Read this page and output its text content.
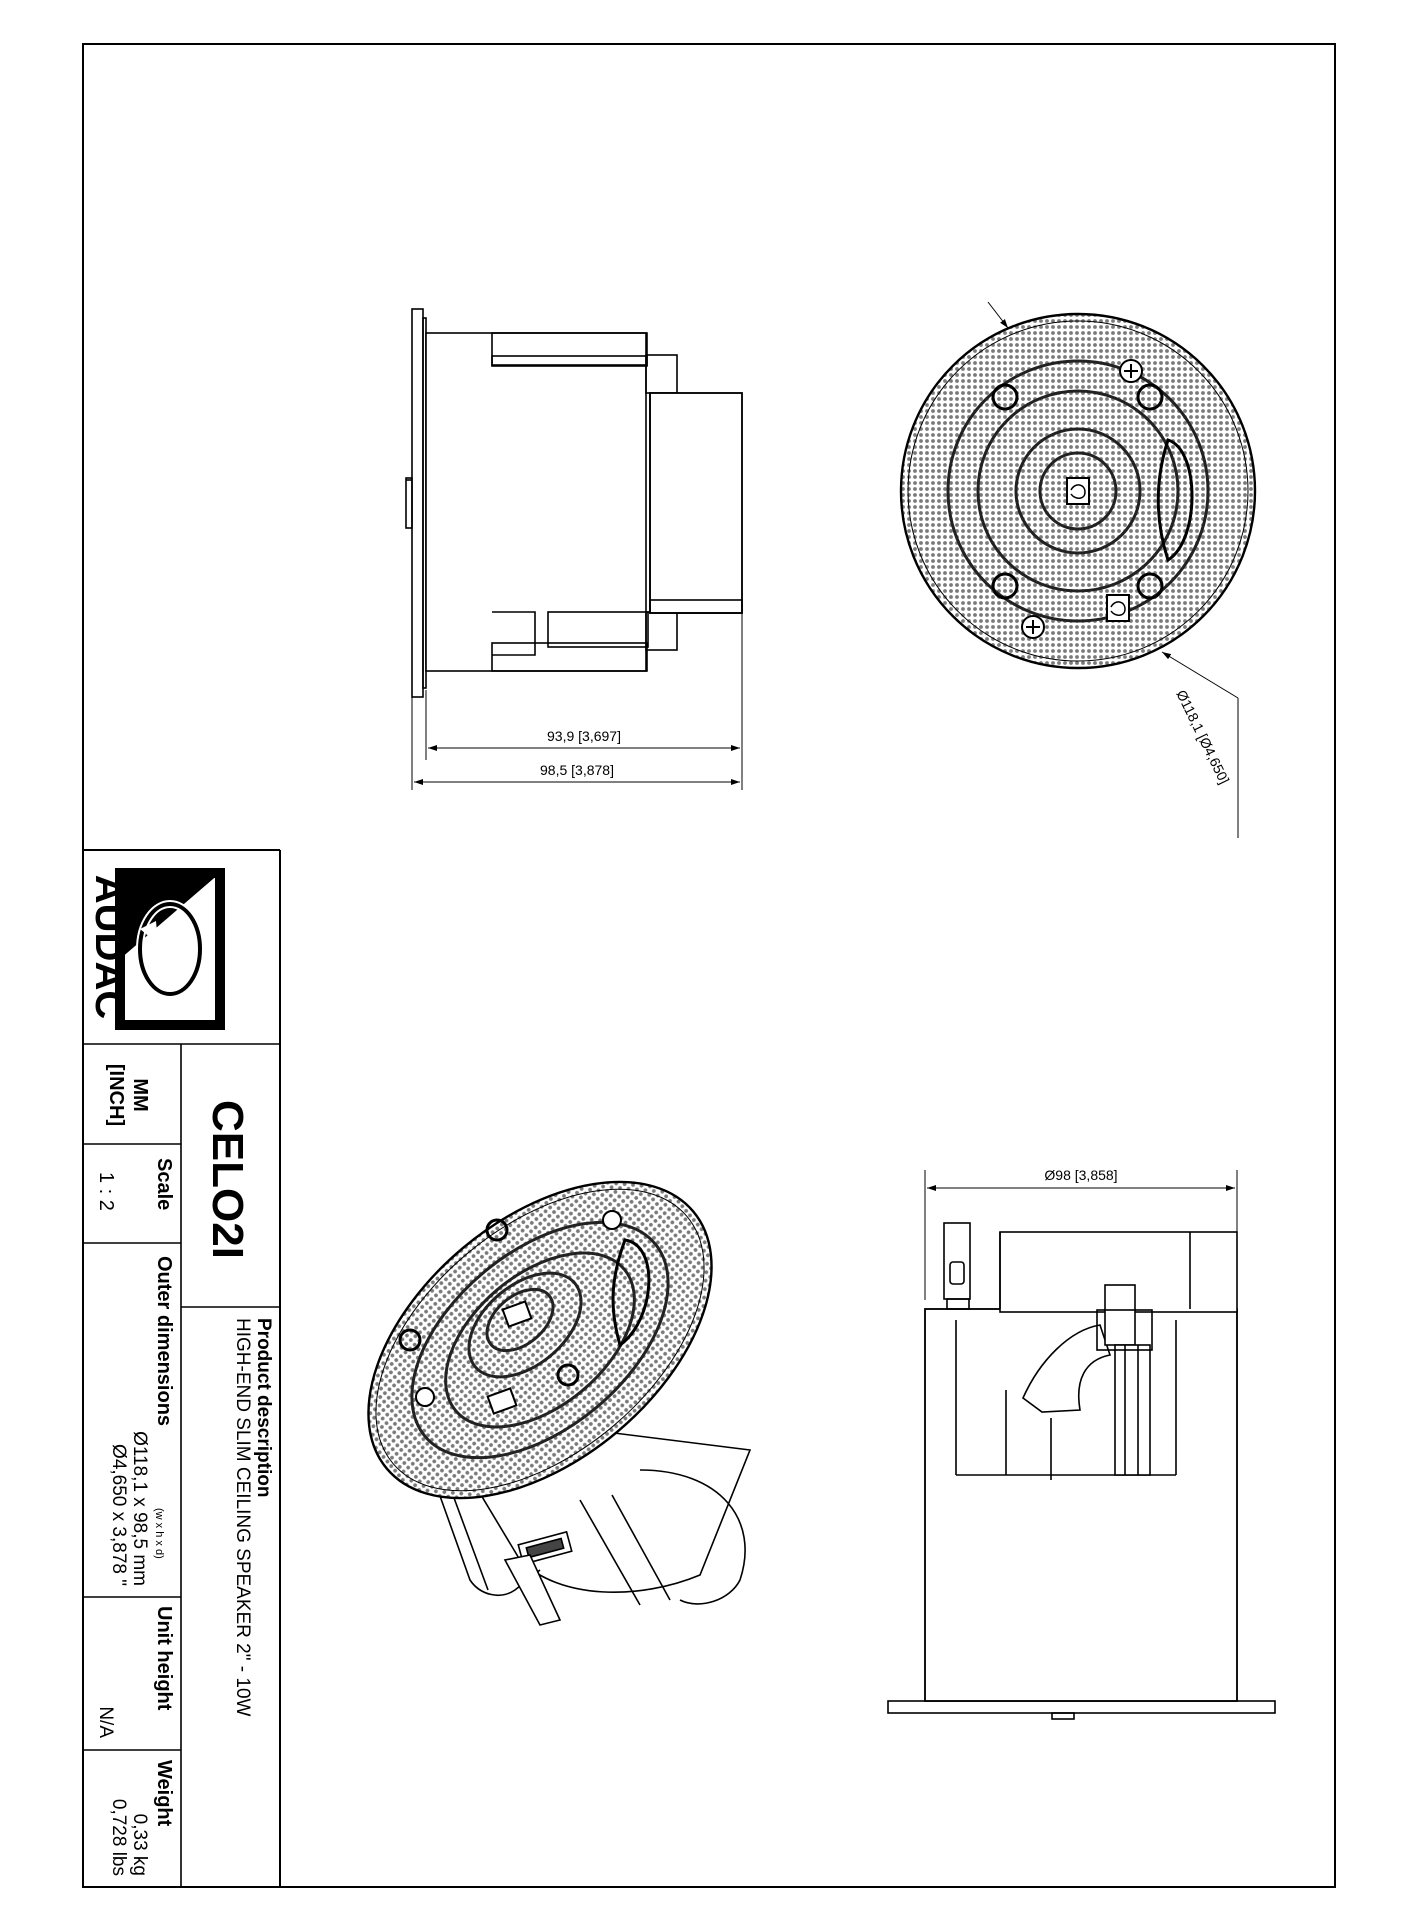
93,9 [3,697]
98,5 [3,878]	Ø118,1 [Ø4,650]
Ø98 [3,858]
AUDAC
MM
[INCH]
CELO2I
Scale
1 : 2
Product description
HIGH-END SLIM CEILING SPEAKER 2" - 10W
Outer dimensions
(w x h x d)
Ø118,1 x 98,5 mm
Ø4,650 x 3,878 "
Unit height
N/A
Weight
0,33 kg
0,728 lbs
